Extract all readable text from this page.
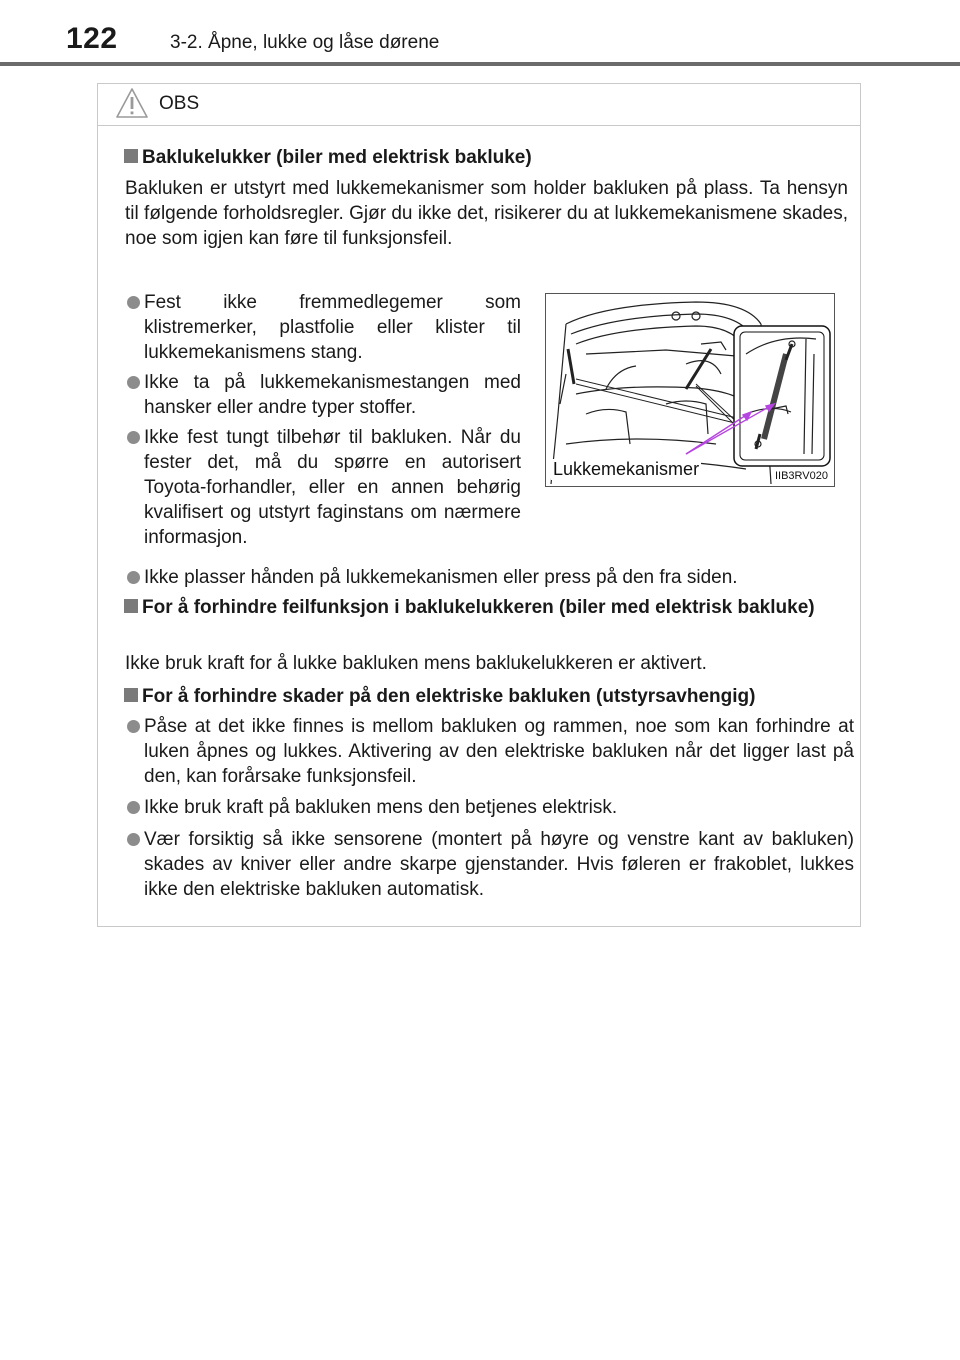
122	3-2. Åpne, lukke og låse dørene
OBS
Baklukelukker (biler med elektrisk bakluke)
Bakluken er utstyrt med lukkemekanismer som holder bakluken på plass. Ta hensyn til følgende forholdsregler. Gjør du ikke det, risikerer du at lukkemekanismene skades, noe som igjen kan føre til funksjonsfeil.
Fest ikke fremmedlegemer som klistremerker, plastfolie eller klister til lukkemekanismens stang.
Ikke ta på lukkemekanismestangen med hansker eller andre typer stoffer.
Ikke fest tungt tilbehør til bakluken. Når du fester det, må du spørre en autorisert Toyota-forhandler, eller en annen behørig kvalifisert og utstyrt faginstans om nærmere informasjon.
Ikke plasser hånden på lukkemekanismen eller press på den fra siden.
Lukkemekanismer	IIB3RV020
For å forhindre feilfunksjon i baklukelukkeren (biler med elektrisk bakluke)
Ikke bruk kraft for å lukke bakluken mens baklukelukkeren er aktivert.
For å forhindre skader på den elektriske bakluken (utstyrsavhengig)
Påse at det ikke finnes is mellom bakluken og rammen, noe som kan forhindre at luken åpnes og lukkes. Aktivering av den elektriske bakluken når det ligger last på den, kan forårsake funksjonsfeil.
Ikke bruk kraft på bakluken mens den betjenes elektrisk.
Vær forsiktig så ikke sensorene (montert på høyre og venstre kant av bakluken) skades av kniver eller andre skarpe gjenstander. Hvis føleren er frakoblet, lukkes ikke den elektriske bakluken automatisk.
